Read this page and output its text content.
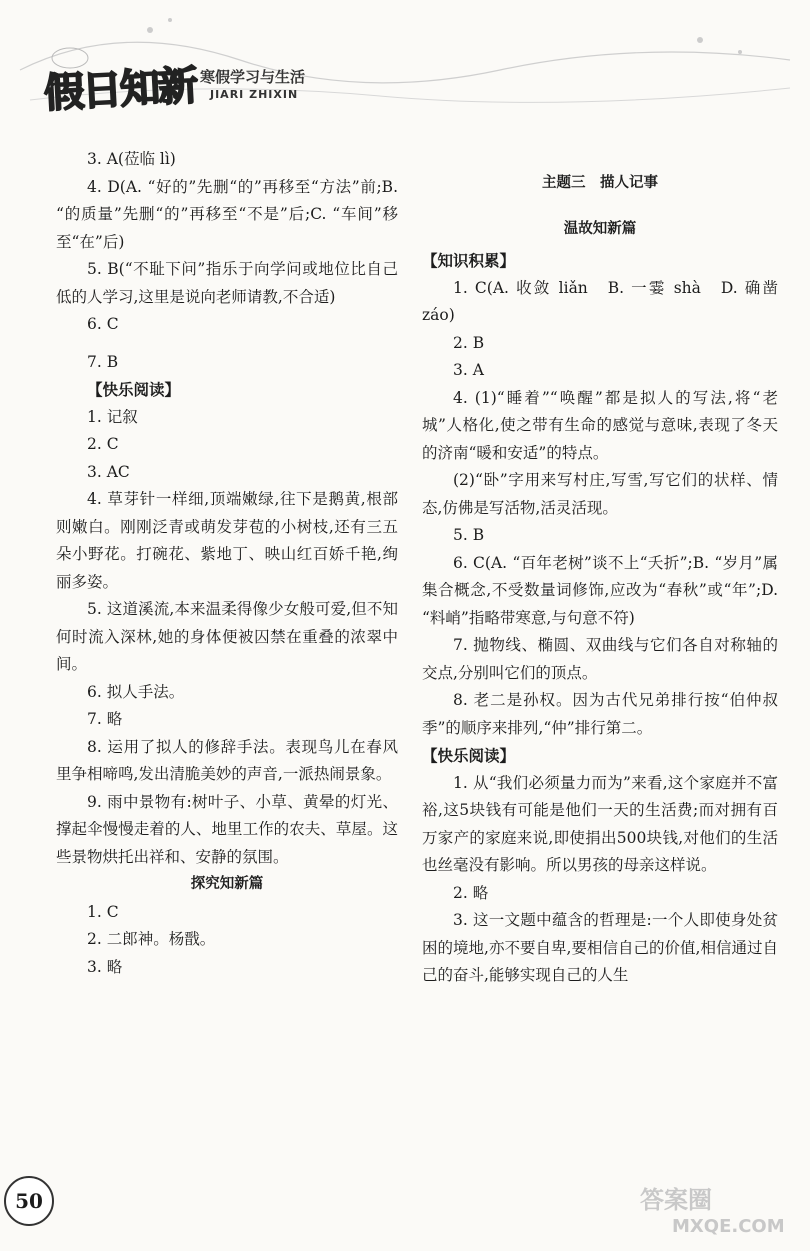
假日知新 寒假学习与生活
JIARI ZHIXIN

3. A(莅临 lì)

4. D(A. “好的”先删“的”再移至“方法”前;B. “的质量”先删“的”再移至“不是”后;C. “车间”移至“在”后)

5. B(“不耻下问”指乐于向学问或地位比自己低的人学习,这里是说向老师请教,不合适)

6. C

7. B

【快乐阅读】

1. 记叙

2. C

3. AC

4. 草芽针一样细,顶端嫩绿,往下是鹅黄,根部则嫩白。刚刚泛青或萌发芽苞的小树枝,还有三五朵小野花。打碗花、紫地丁、映山红百娇千艳,绚丽多姿。

5. 这道溪流,本来温柔得像少女般可爱,但不知何时流入深林,她的身体便被囚禁在重叠的浓翠中间。

6. 拟人手法。

7. 略

8. 运用了拟人的修辞手法。表现鸟儿在春风里争相啼鸣,发出清脆美妙的声音,一派热闹景象。

9. 雨中景物有:树叶子、小草、黄晕的灯光、撑起伞慢慢走着的人、地里工作的农夫、草屋。这些景物烘托出祥和、安静的氛围。

探究知新篇

1. C

2. 二郎神。杨戬。

3. 略

主题三　描人记事

温故知新篇

【知识积累】

1. C(A. 收敛 liǎn　B. 一霎 shà　D. 确凿 záo)

2. B

3. A

4. (1)“睡着”“唤醒”都是拟人的写法,将“老城”人格化,使之带有生命的感觉与意味,表现了冬天的济南“暖和安适”的特点。

(2)“卧”字用来写村庄,写雪,写它们的状样、情态,仿佛是写活物,活灵活现。

5. B

6. C(A. “百年老树”谈不上“夭折”;B. “岁月”属集合概念,不受数量词修饰,应改为“春秋”或“年”;D. “料峭”指略带寒意,与句意不符)

7. 抛物线、椭圆、双曲线与它们各自对称轴的交点,分别叫它们的顶点。

8. 老二是孙权。因为古代兄弟排行按“伯仲叔季”的顺序来排列,“仲”排行第二。

【快乐阅读】

1. 从“我们必须量力而为”来看,这个家庭并不富裕,这5块钱有可能是他们一天的生活费;而对拥有百万家产的家庭来说,即使捐出500块钱,对他们的生活也丝毫没有影响。所以男孩的母亲这样说。

2. 略

3. 这一文题中蕴含的哲理是:一个人即使身处贫困的境地,亦不要自卑,要相信自己的价值,相信通过自己的奋斗,能够实现自己的人生

50	答案圈
MXQE.COM
